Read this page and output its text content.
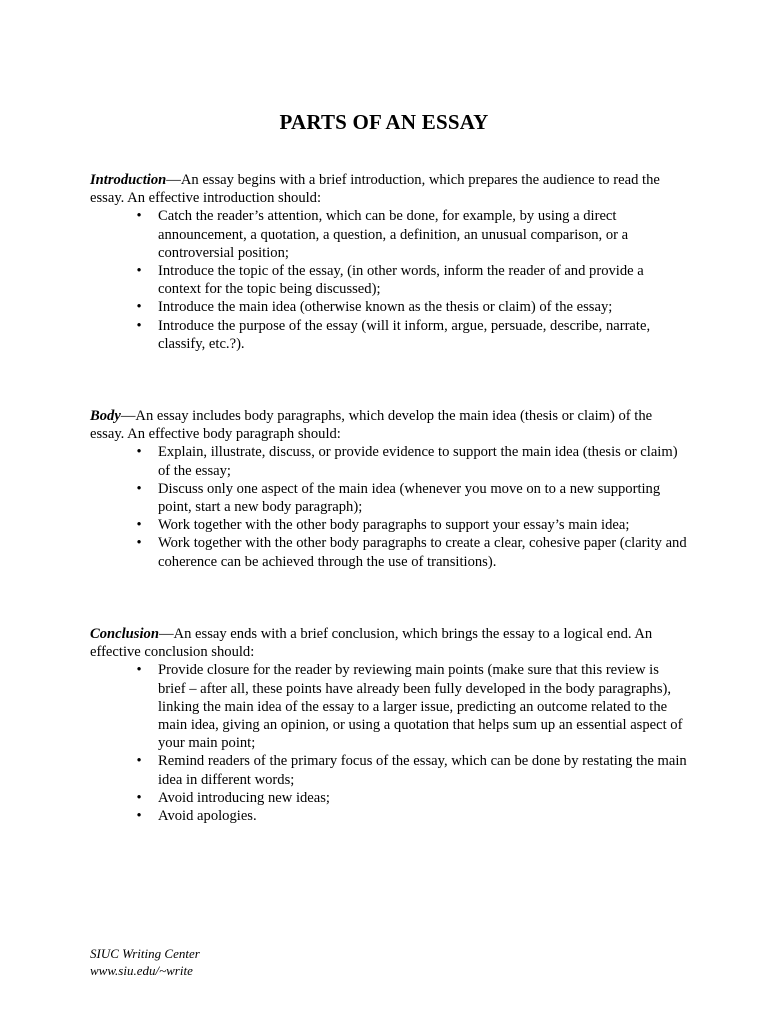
PARTS OF AN ESSAY

Introduction—An essay begins with a brief introduction, which prepares the audience to read the essay. An effective introduction should:

• Catch the reader’s attention, which can be done, for example, by using a direct announcement, a quotation, a question, a definition, an unusual comparison, or a controversial position;
• Introduce the topic of the essay, (in other words, inform the reader of and provide a context for the topic being discussed);
• Introduce the main idea (otherwise known as the thesis or claim) of the essay;
• Introduce the purpose of the essay (will it inform, argue, persuade, describe, narrate, classify, etc.?).

Body—An essay includes body paragraphs, which develop the main idea (thesis or claim) of the essay. An effective body paragraph should:

• Explain, illustrate, discuss, or provide evidence to support the main idea (thesis or claim) of the essay;
• Discuss only one aspect of the main idea (whenever you move on to a new supporting point, start a new body paragraph);
• Work together with the other body paragraphs to support your essay’s main idea;
• Work together with the other body paragraphs to create a clear, cohesive paper (clarity and coherence can be achieved through the use of transitions).

Conclusion—An essay ends with a brief conclusion, which brings the essay to a logical end. An effective conclusion should:

• Provide closure for the reader by reviewing main points (make sure that this review is brief – after all, these points have already been fully developed in the body paragraphs), linking the main idea of the essay to a larger issue, predicting an outcome related to the main idea, giving an opinion, or using a quotation that helps sum up an essential aspect of your main point;
• Remind readers of the primary focus of the essay, which can be done by restating the main idea in different words;
• Avoid introducing new ideas;
• Avoid apologies.
SIUC Writing Center
www.siu.edu/~write
